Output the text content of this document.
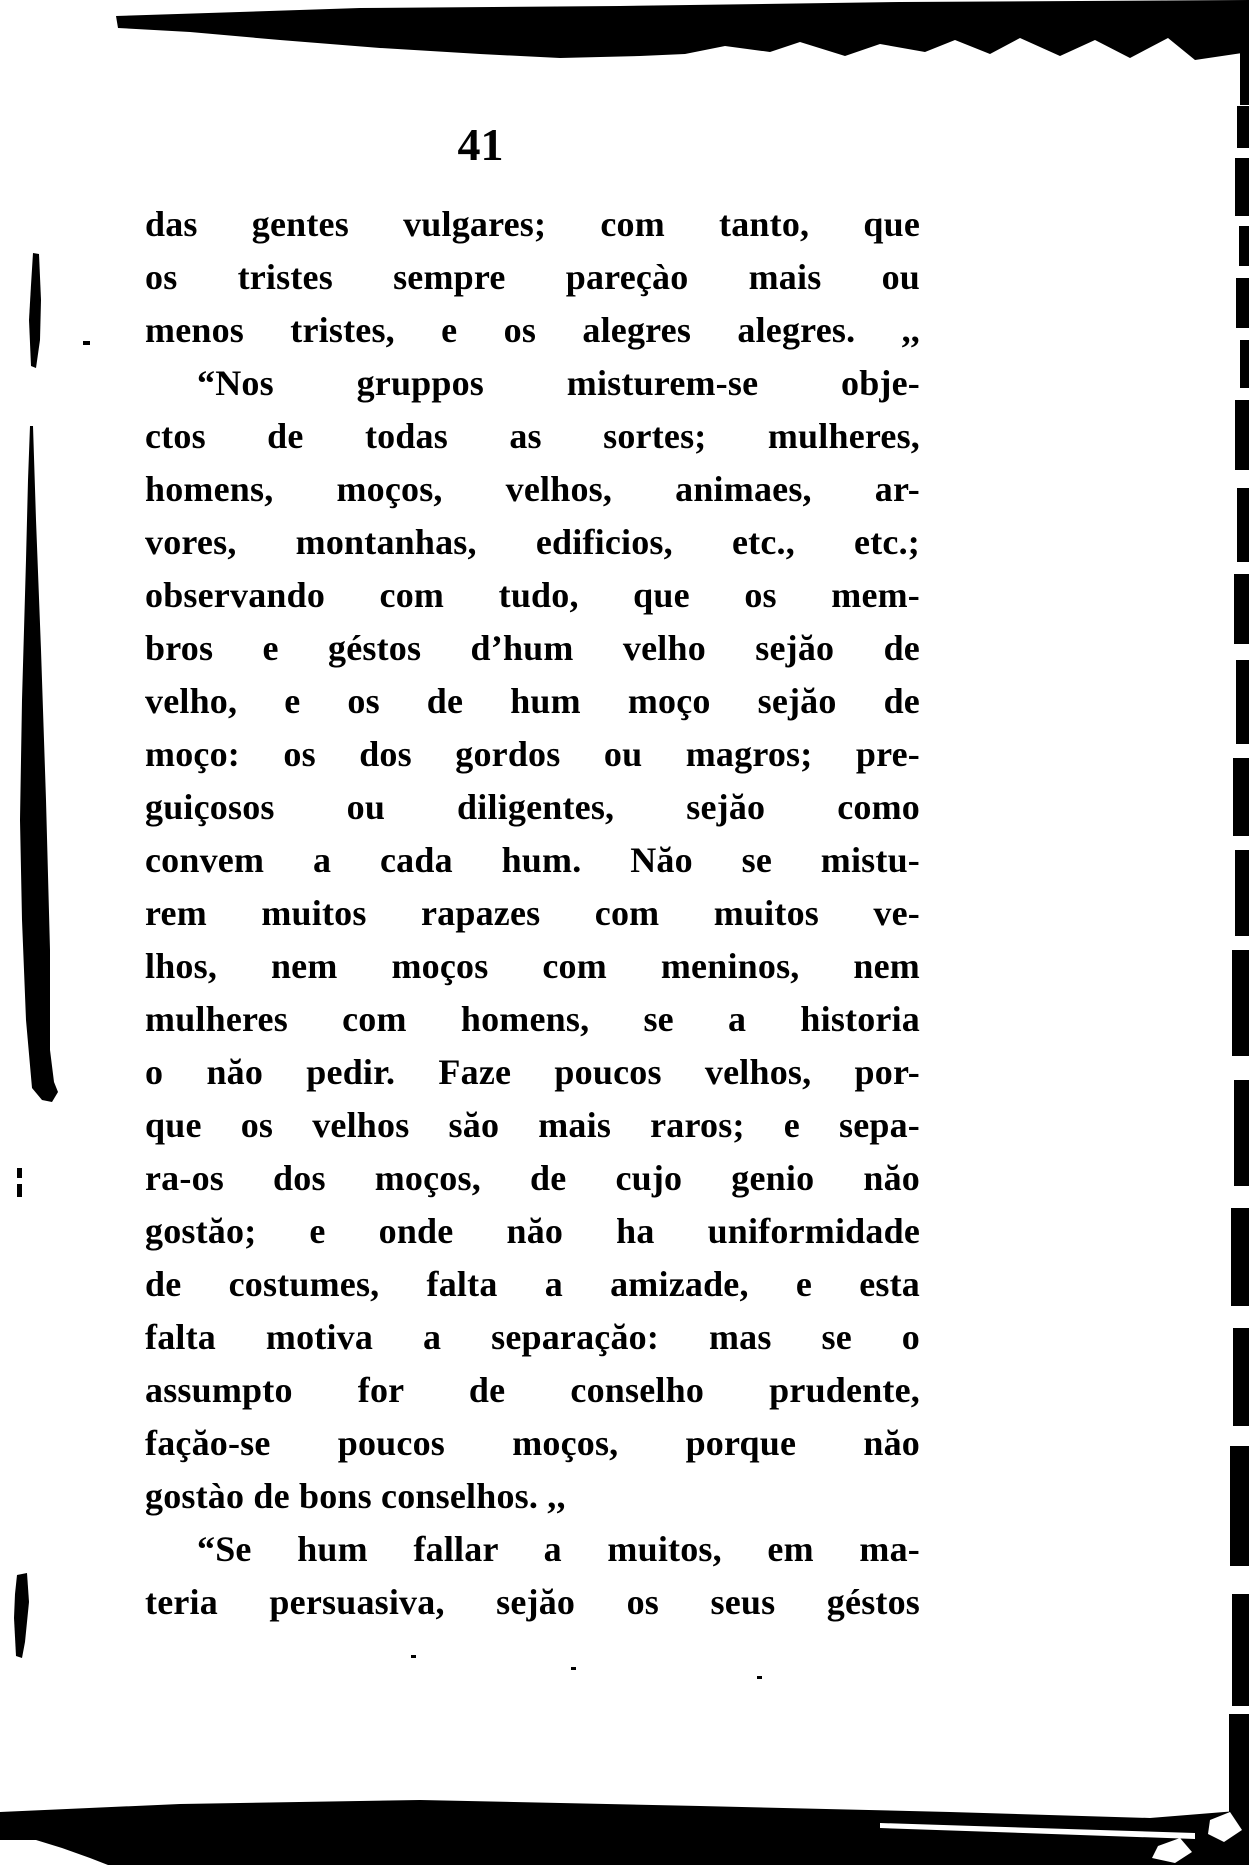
41
das gentes vulgares; com tanto, que
os tristes sempre pareçào mais ou
menos tristes, e os alegres alegres. ,,
“Nos gruppos misturem-se obje-
ctos de todas as sortes; mulheres,
homens, moços, velhos, animaes, ar-
vores, montanhas, edificios, etc., etc.;
observando com tudo, que os mem-
bros e géstos d’hum velho sejăo de
velho, e os de hum moço sejăo de
moço: os dos gordos ou magros; pre-
guiçosos ou diligentes, sejăo como
convem a cada hum. Năo se mistu-
rem muitos rapazes com muitos ve-
lhos, nem moços com meninos, nem
mulheres com homens, se a historia
o năo pedir. Faze poucos velhos, por-
que os velhos săo mais raros; e sepa-
ra-os dos moços, de cujo genio năo
gostăo; e onde năo ha uniformidade
de costumes, falta a amizade, e esta
falta motiva a separaçăo: mas se o
assumpto for de conselho prudente,
façăo-se poucos moços, porque năo
gostào de bons conselhos. ,,
“Se hum fallar a muitos, em ma-
teria persuasiva, sejăo os seus géstos
